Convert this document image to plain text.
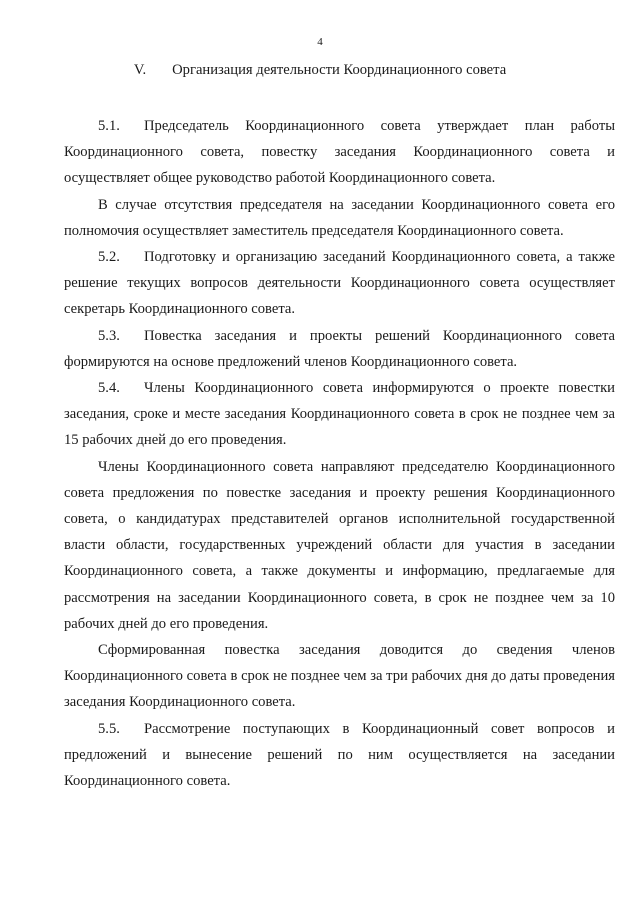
4
V. Организация деятельности Координационного совета

5.1. Председатель Координационного совета утверждает план работы Координационного совета, повестку заседания Координационного совета и осуществляет общее руководство работой Координационного совета.

В случае отсутствия председателя на заседании Координационного совета его полномочия осуществляет заместитель председателя Координационного совета.

5.2. Подготовку и организацию заседаний Координационного совета, а также решение текущих вопросов деятельности Координационного совета осуществляет секретарь Координационного совета.

5.3. Повестка заседания и проекты решений Координационного совета формируются на основе предложений членов Координационного совета.

5.4. Члены Координационного совета информируются о проекте повестки заседания, сроке и месте заседания Координационного совета в срок не позднее чем за 15 рабочих дней до его проведения.

Члены Координационного совета направляют председателю Координационного совета предложения по повестке заседания и проекту решения Координационного совета, о кандидатурах представителей органов исполнительной государственной власти области, государственных учреждений области для участия в заседании Координационного совета, а также документы и информацию, предлагаемые для рассмотрения на заседании Координационного совета, в срок не позднее чем за 10 рабочих дней до его проведения.

Сформированная повестка заседания доводится до сведения членов Координационного совета в срок не позднее чем за три рабочих дня до даты проведения заседания Координационного совета.

5.5. Рассмотрение поступающих в Координационный совет вопросов и предложений и вынесение решений по ним осуществляется на заседании Координационного совета.
